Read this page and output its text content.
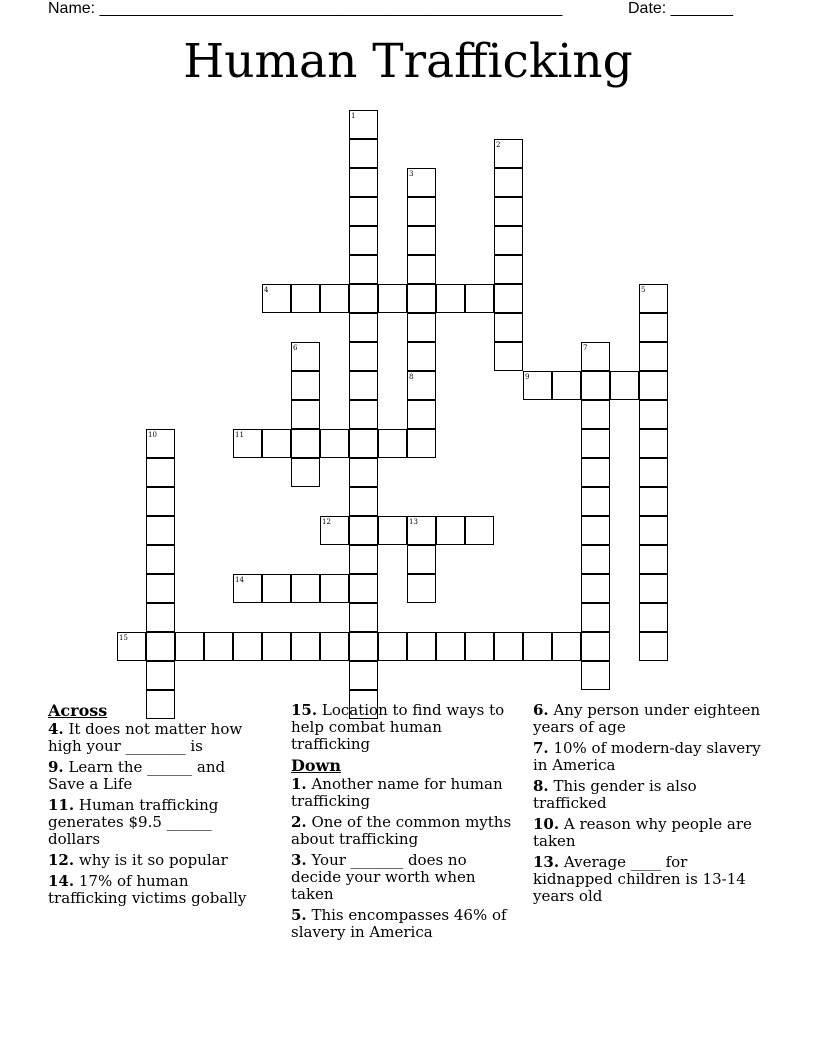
Name: ____________________________________________________	Date: _______
Human Trafficking
1
2
3
4	5
6	7
8	9
10	11
12	13
14
15
Across
4. It does not matter how high your ________ is
9. Learn the ______ and Save a Life
11. Human trafficking generates $9.5 ______ dollars
12. why is it so popular
14. 17% of human trafficking victims gobally
15. Location to find ways to help combat human trafficking
Down
1. Another name for human trafficking
2. One of the common myths about trafficking
3. Your _______ does no decide your worth when taken
5. This encompasses 46% of slavery in America
6. Any person under eighteen years of age
7. 10% of modern-day slavery in America
8. This gender is also trafficked
10. A reason why people are taken
13. Average ____ for kidnapped children is 13-14 years old
